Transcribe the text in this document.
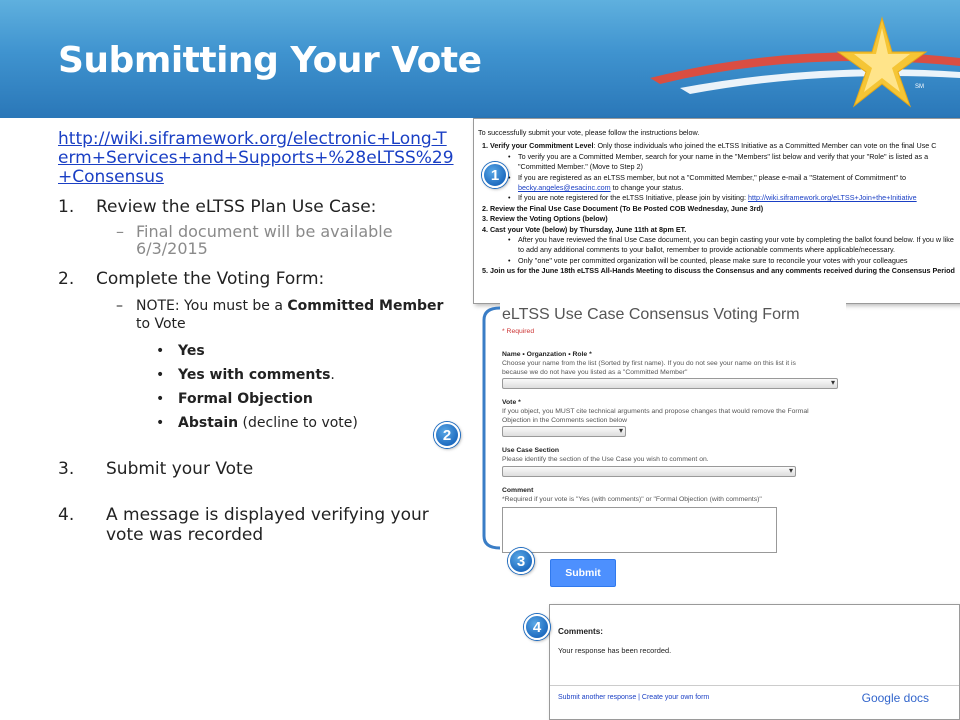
Submitting Your Vote
SM
http://wiki.siframework.org/electronic+Long-Term+Services+and+Supports+%28eLTSS%29+Consensus
1. Review the eLTSS Plan Use Case:
– Final document will be available 6/3/2015
2. Complete the Voting Form:
– NOTE: You must be a Committed Member to Vote
• Yes
• Yes with comments.
• Formal Objection
• Abstain (decline to vote)
3. Submit your Vote
4. A message is displayed verifying your vote was recorded
To successfully submit your vote, please follow the instructions below.
1. Verify your Commitment Level: Only those individuals who joined the eLTSS Initiative as a Committed Member can vote on the final Use C
• To verify you are a Committed Member, search for your name in the "Members" list below and verify that your "Role" is listed as a "Committed Member." (Move to Step 2)
• If you are registered as an eLTSS member, but not a "Committed Member," please e-mail a "Statement of Commitment" to
becky.angeles@esacinc.com to change your status.
• If you are note registered for the eLTSS Initiative, please join by visiting: http://wiki.siframework.org/eLTSS+Join+the+Initiative
2. Review the Final Use Case Document (To Be Posted COB Wednesday, June 3rd)
3. Review the Voting Options (below)
4. Cast your Vote (below) by Thursday, June 11th at 8pm ET.
• After you have reviewed the final Use Case document, you can begin casting your vote by completing the ballot found below. If you w like to add any additional comments to your ballot, remember to provide actionable comments where applicable/necessary.
• Only "one" vote per committed organization will be counted, please make sure to reconcile your votes with your colleagues
5. Join us for the June 18th eLTSS All-Hands Meeting to discuss the Consensus and any comments received during the Consensus Period
eLTSS Use Case Consensus Voting Form
* Required
Name • Organzation • Role *
Choose your name from the list (Sorted by first name). If you do not see your name on this list it is because we do not have you listed as a "Committed Member"
▾
Vote *
If you object, you MUST cite technical arguments and propose changes that would remove the Formal Objection in the Comments section below
▾
Use Case Section
Please identify the section of the Use Case you wish to comment on.
▾
Comment
*Required if your vote is "Yes (with comments)" or "Formal Objection (with comments)"
Submit
Comments:
Your response has been recorded.
Submit another response | Create your own form	Google docs
1
2
3
4
